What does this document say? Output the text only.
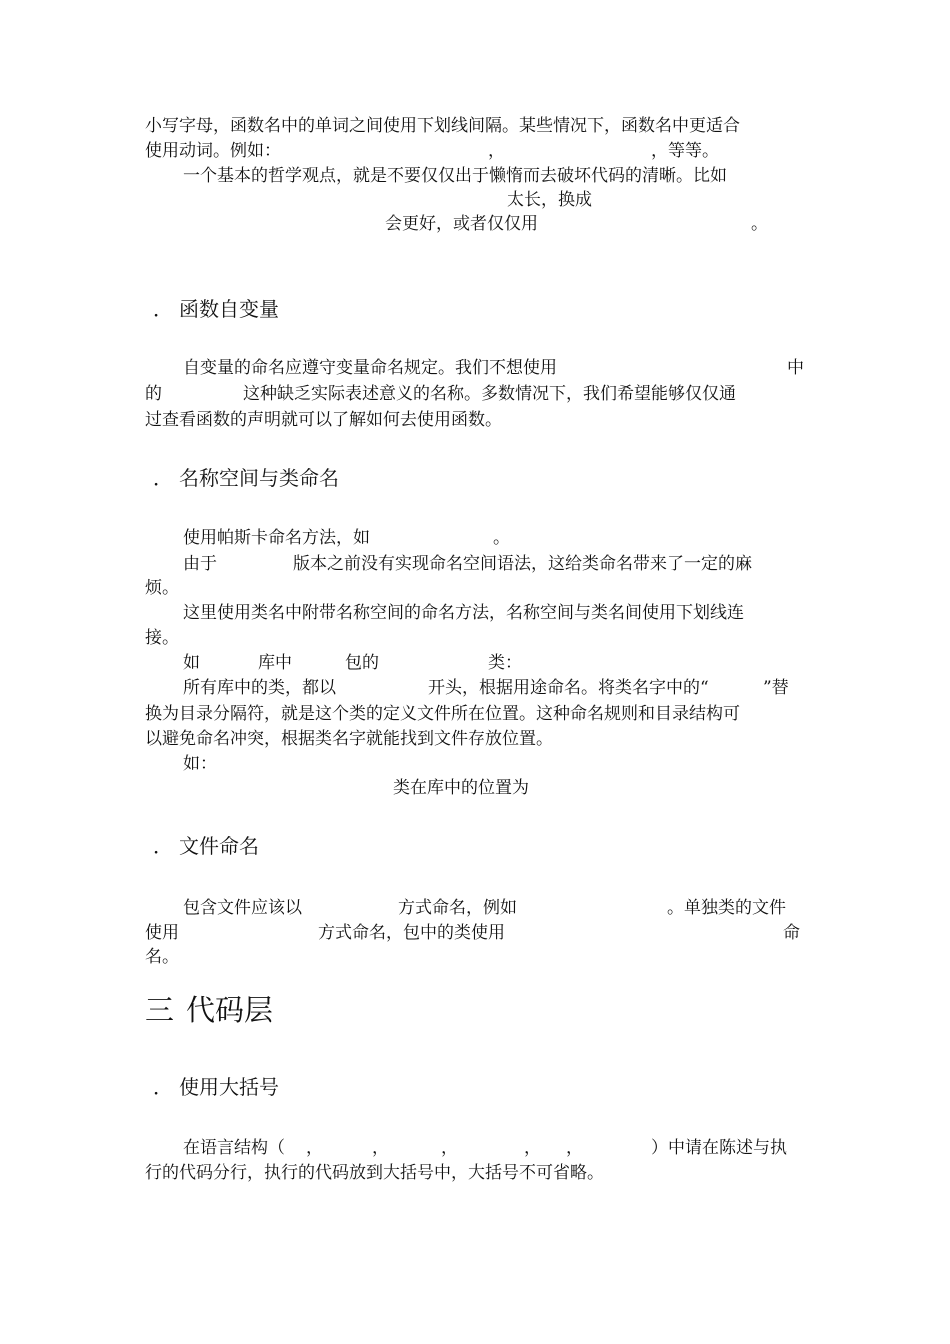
小写字母，函数名中的单词之间使用下划线间隔。某些情况下，函数名中更适合
使用动词。例如：	，	，等等。
一个基本的哲学观点，就是不要仅仅出于懒惰而去破坏代码的清晰。比如
太长，换成
会更好，或者仅仅用	。
． 函数自变量
自变量的命名应遵守变量命名规定。我们不想使用	中
的	这种缺乏实际表述意义的名称。多数情况下，我们希望能够仅仅通
过查看函数的声明就可以了解如何去使用函数。
． 名称空间与类命名
使用帕斯卡命名方法，如	。
由于	版本之前没有实现命名空间语法，这给类命名带来了一定的麻
烦。
这里使用类名中附带名称空间的命名方法，名称空间与类名间使用下划线连
接。
如	库中	包的	类：
所有库中的类，都以	开头，根据用途命名。将类名字中的“	”替
换为目录分隔符，就是这个类的定义文件所在位置。这种命名规则和目录结构可
以避免命名冲突，根据类名字就能找到文件存放位置。
如：
类在库中的位置为
． 文件命名
包含文件应该以	方式命名，例如	。单独类的文件
使用	方式命名，包中的类使用	命
名。
三 代码层
． 使用大括号
在语言结构（ ，	，	，	， ，	）中请在陈述与执
行的代码分行，执行的代码放到大括号中，大括号不可省略。
